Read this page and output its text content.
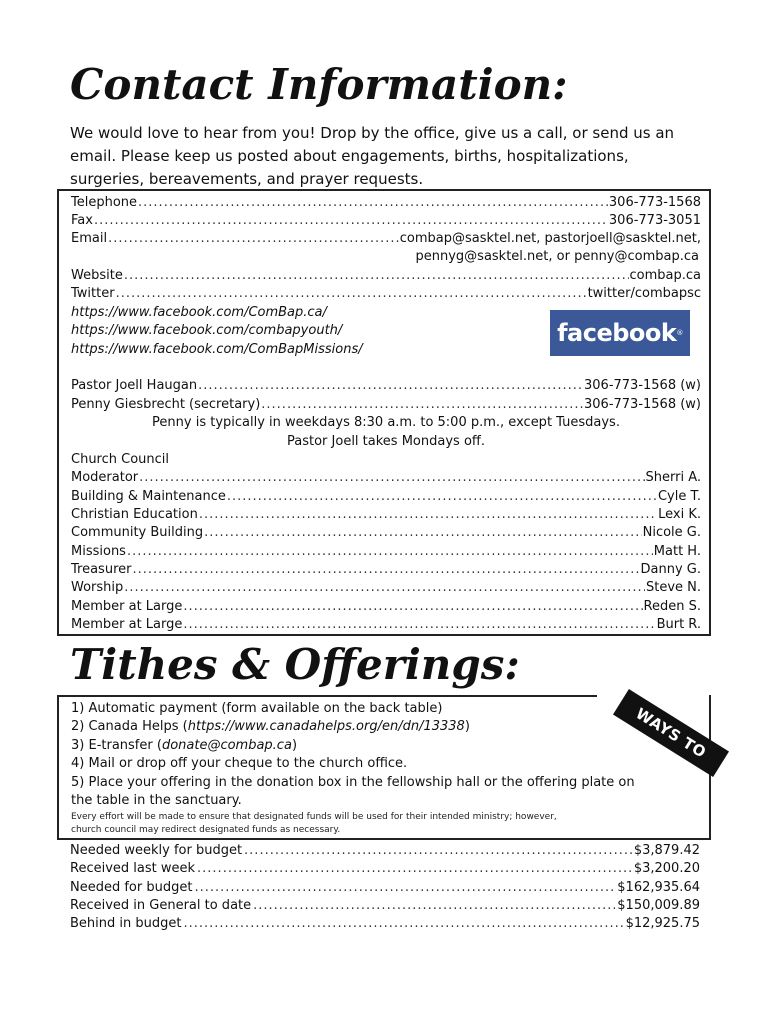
Contact Information:

We would love to hear from you! Drop by the office, give us a call, or send us an email. Please keep us posted about engagements, births, hospitalizations, surgeries, bereavements, and prayer requests.

Telephone .....	306-773-1568
Fax .....	306-773-3051
Email .....	combap@sasktel.net, pastorjoell@sasktel.net,
pennyg@sasktel.net, or penny@combap.ca
Website .....	combap.ca
Twitter .....	twitter/combapsc
https://www.facebook.com/ComBap.ca/
https://www.facebook.com/combapyouth/
https://www.facebook.com/ComBapMissions/
facebook®
Pastor Joell Haugan .....	306-773-1568 (w)
Penny Giesbrecht (secretary) .....	306-773-1568 (w)
Penny is typically in weekdays 8:30 a.m. to 5:00 p.m., except Tuesdays.
Pastor Joell takes Mondays off.
Church Council
Moderator .....	Sherri A.
Building & Maintenance .....	Cyle T.
Christian Education .....	Lexi K.
Community Building .....	Nicole G.
Missions .....	Matt H.
Treasurer .....	Danny G.
Worship .....	Steve N.
Member at Large .....	Reden S.
Member at Large .....	Burt R.
Tithes & Offerings:
1) Automatic payment (form available on the back table)
2) Canada Helps (https://www.canadahelps.org/en/dn/13338)
3) E-transfer (donate@combap.ca)
4) Mail or drop off your cheque to the church office.
5) Place your offering in the donation box in the fellowship hall or the offering plate on
the table in the sanctuary.
Every effort will be made to ensure that designated funds will be used for their intended ministry; however,
church council may redirect designated funds as necessary.
WAYS TO GIVE
Needed weekly for budget .....	$3,879.42
Received last week .....	$3,200.20
Needed for budget .....	$162,935.64
Received in General to date .....	$150,009.89
Behind in budget .....	$12,925.75
